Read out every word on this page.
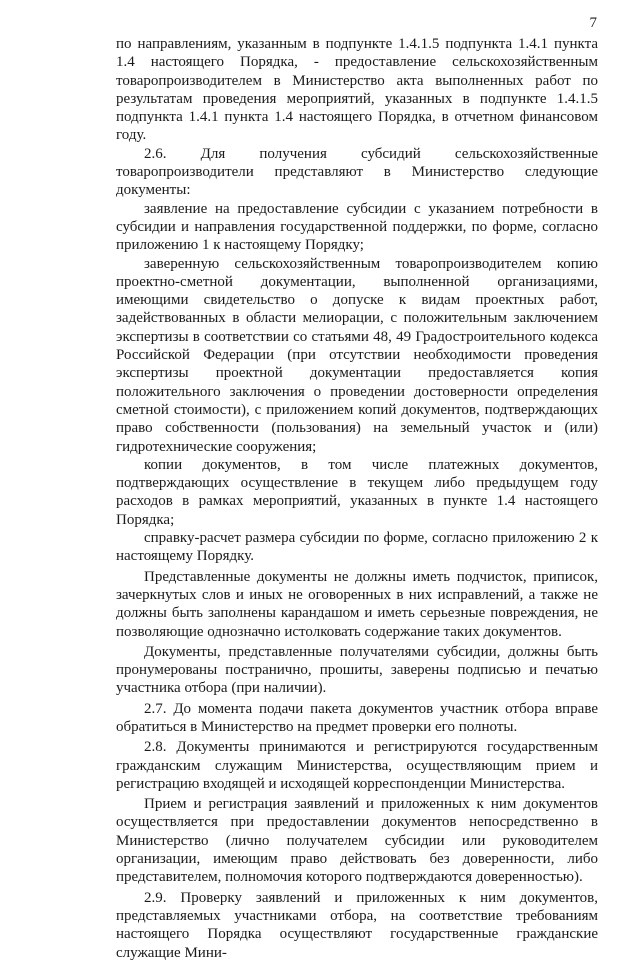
7

по направлениям, указанным в подпункте 1.4.1.5 подпункта 1.4.1 пункта 1.4 настоящего Порядка, - предоставление сельскохозяйственным товаропроизводителем в Министерство акта выполненных работ по результатам проведения мероприятий, указанных в подпункте 1.4.1.5 подпункта 1.4.1 пункта 1.4 настоящего Порядка, в отчетном финансовом году.

2.6. Для получения субсидий сельскохозяйственные товаропроизводители представляют в Министерство следующие документы:

заявление на предоставление субсидии с указанием потребности в субсидии и направления государственной поддержки, по форме, согласно приложению 1 к настоящему Порядку;

заверенную сельскохозяйственным товаропроизводителем копию проектно-сметной документации, выполненной организациями, имеющими свидетельство о допуске к видам проектных работ, задействованных в области мелиорации, с положительным заключением экспертизы в соответствии со статьями 48, 49 Градостроительного кодекса Российской Федерации (при отсутствии необходимости проведения экспертизы проектной документации предоставляется копия положительного заключения о проведении достоверности определения сметной стоимости), с приложением копий документов, подтверждающих право собственности (пользования) на земельный участок и (или) гидротехнические сооружения;

копии документов, в том числе платежных документов, подтверждающих осуществление в текущем либо предыдущем году расходов в рамках мероприятий, указанных в пункте 1.4 настоящего Порядка;

справку-расчет размера субсидии по форме, согласно приложению 2 к настоящему Порядку.

Представленные документы не должны иметь подчисток, приписок, зачеркнутых слов и иных не оговоренных в них исправлений, а также не должны быть заполнены карандашом и иметь серьезные повреждения, не позволяющие однозначно истолковать содержание таких документов.

Документы, представленные получателями субсидии, должны быть пронумерованы постранично, прошиты, заверены подписью и печатью участника отбора (при наличии).

2.7. До момента подачи пакета документов участник отбора вправе обратиться в Министерство на предмет проверки его полноты.

2.8. Документы принимаются и регистрируются государственным гражданским служащим Министерства, осуществляющим прием и регистрацию входящей и исходящей корреспонденции Министерства.

Прием и регистрация заявлений и приложенных к ним документов осуществляется при предоставлении документов непосредственно в Министерство (лично получателем субсидии или руководителем организации, имеющим право действовать без доверенности, либо представителем, полномочия которого подтверждаются доверенностью).

2.9. Проверку заявлений и приложенных к ним документов, представляемых участниками отбора, на соответствие требованиям настоящего Порядка осуществляют государственные гражданские служащие Мини-
